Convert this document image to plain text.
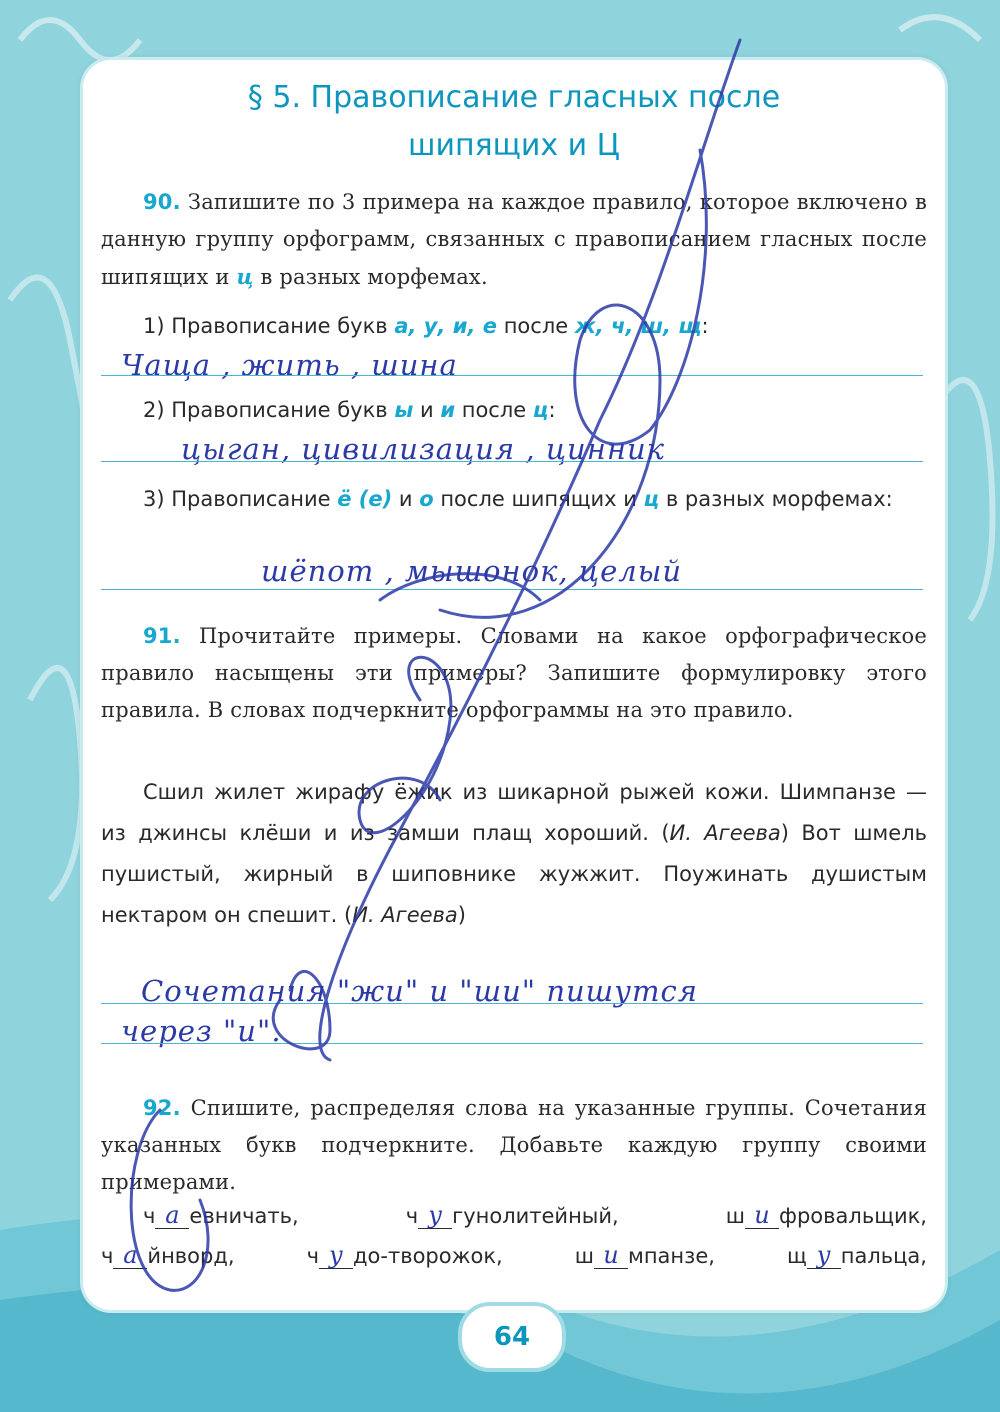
§ 5. Правописание гласных после
шипящих и Ц
90. Запишите по 3 примера на каждое правило, которое включено в данную группу орфограмм, связанных с правописанием гласных после шипящих и ц в разных морфемах.
1) Правописание букв а, у, и, е после ж, ч, ш, щ:
Чаща , жить , шина
2) Правописание букв ы и и после ц:
цыган, цивилизация , цинник
3) Правописание ё (е) и о после шипящих и ц в разных морфемах:
шёпот , мышонок, целый
91. Прочитайте примеры. Словами на какое орфографическое правило насыщены эти примеры? Запишите формулировку этого правила. В словах подчеркните орфограммы на это правило.
Сшил жилет жирафу ёжик из шикарной рыжей кожи. Шимпанзе — из джинсы клёши и из замши плащ хороший. (И. Агеева) Вот шмель пушистый, жирный в шиповнике жужжит. Поужинать душистым нектаром он спешит. (И. Агеева)
Сочетания "жи" и "ши" пишутся
через "и".
92. Спишите, распределяя слова на указанные группы. Сочетания указанных букв подчеркните. Добавьте каждую группу своими примерами.
ч а евничать,	ч у гунолитейный,	ш и фровальщик,
ч а йнворд,	ч у до-творожок,	ш и мпанзе,	щ у пальца,
64
